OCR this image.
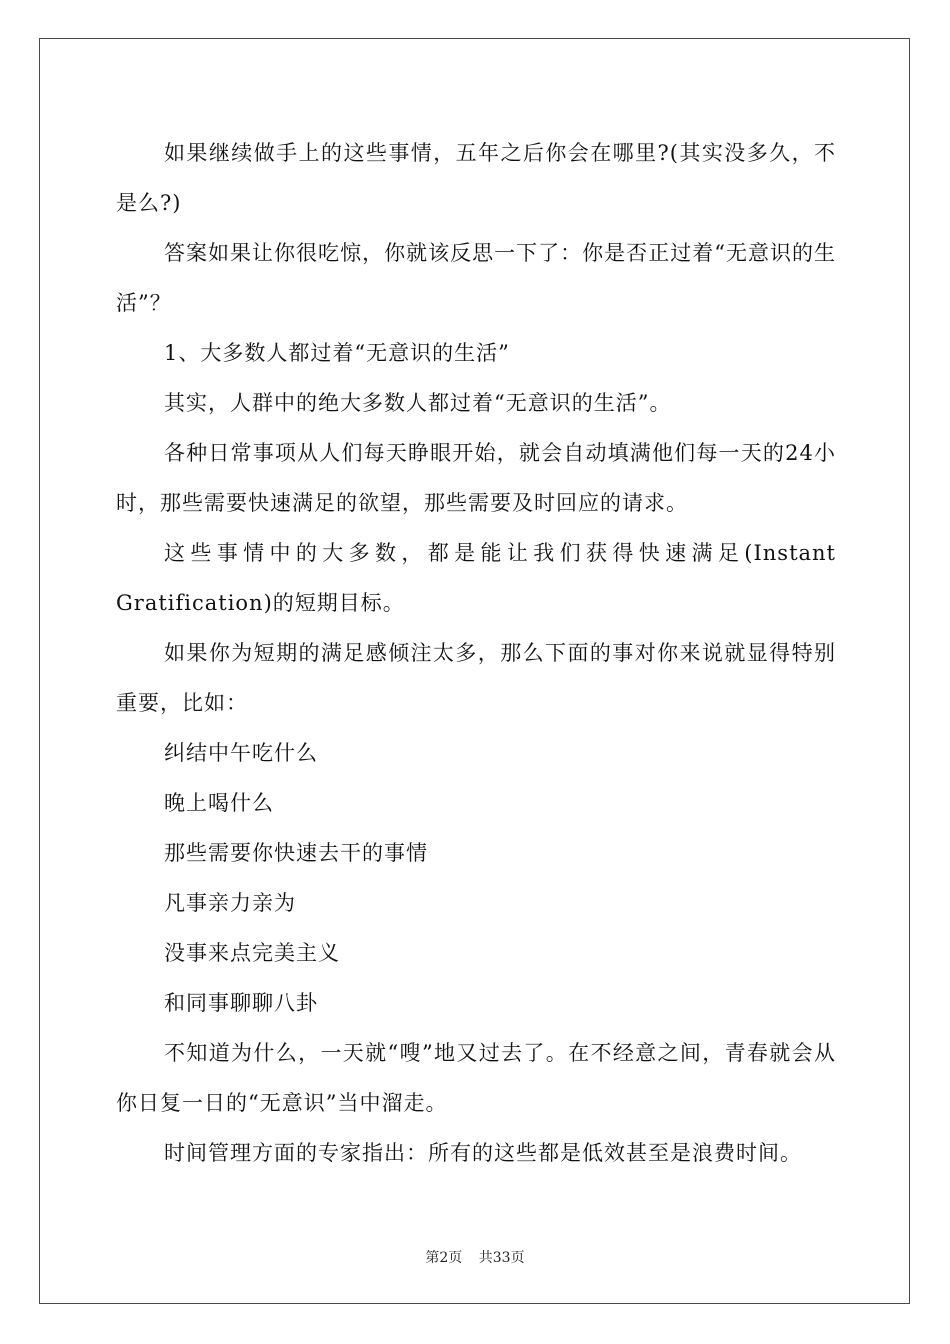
如果继续做手上的这些事情，五年之后你会在哪里?(其实没多久，不是么?)

答案如果让你很吃惊，你就该反思一下了：你是否正过着“无意识的生活”？

1、大多数人都过着“无意识的生活”

其实，人群中的绝大多数人都过着“无意识的生活”。

各种日常事项从人们每天睁眼开始，就会自动填满他们每一天的24小时，那些需要快速满足的欲望，那些需要及时回应的请求。

这些事情中的大多数，都是能让我们获得快速满足(Instant Gratification)的短期目标。

如果你为短期的满足感倾注太多，那么下面的事对你来说就显得特别重要，比如：

纠结中午吃什么

晚上喝什么

那些需要你快速去干的事情

凡事亲力亲为

没事来点完美主义

和同事聊聊八卦

不知道为什么，一天就“嗖”地又过去了。在不经意之间，青春就会从你日复一日的“无意识”当中溜走。

时间管理方面的专家指出：所有的这些都是低效甚至是浪费时间。

第2页 共33页
